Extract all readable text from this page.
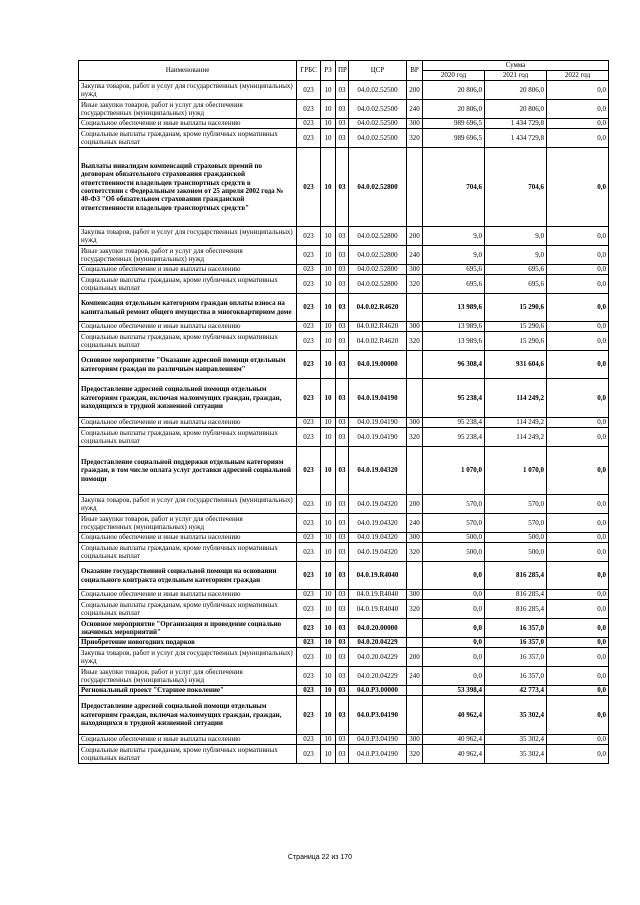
Наименование	ГРБС	РЗ	ПР	ЦСР	ВР	Сумма		
						2020 год	2021 год	2022 год
Закупка товаров, работ и услуг для государственных (муниципальных) нужд	023	10	03	04.0.02.52500	200	20 806,0	20 806,0	0,0
Иные закупки товаров, работ и услуг для обеспечения государственных (муниципальных) нужд	023	10	03	04.0.02.52500	240	20 806,0	20 806,0	0,0
Социальное обеспечение и иные выплаты населению	023	10	03	04.0.02.52500	300	989 696,5	1 434 729,8	0,0
Социальные выплаты гражданам, кроме публичных нормативных социальных выплат	023	10	03	04.0.02.52500	320	989 696,5	1 434 729,8	0,0
Выплаты инвалидам компенсаций страховых премий по договорам обязательного страхования гражданской ответственности владельцев транспортных средств в соответствии с Федеральным законом от 25 апреля 2002 года № 40-ФЗ "Об обязательном страховании гражданской ответственности владельцев транспортных средств"	023	10	03	04.0.02.52800		704,6	704,6	0,0
Закупка товаров, работ и услуг для государственных (муниципальных) нужд	023	10	03	04.0.02.52800	200	9,0	9,0	0,0
Иные закупки товаров, работ и услуг для обеспечения государственных (муниципальных) нужд	023	10	03	04.0.02.52800	240	9,0	9,0	0,0
Социальное обеспечение и иные выплаты населению	023	10	03	04.0.02.52800	300	695,6	695,6	0,0
Социальные выплаты гражданам, кроме публичных нормативных социальных выплат	023	10	03	04.0.02.52800	320	695,6	695,6	0,0
Компенсация отдельным категориям граждан оплаты взноса на капитальный ремонт общего имущества в многоквартирном доме	023	10	03	04.0.02.R4620		13 989,6	15 290,6	0,0
Социальное обеспечение и иные выплаты населению	023	10	03	04.0.02.R4620	300	13 989,6	15 290,6	0,0
Социальные выплаты гражданам, кроме публичных нормативных социальных выплат	023	10	03	04.0.02.R4620	320	13 989,6	15 290,6	0,0
Основное мероприятие "Оказание адресной помощи отдельным категориям граждан по различным направлениям"	023	10	03	04.0.19.00000		96 308,4	931 604,6	0,0
Предоставление адресной социальной помощи отдельным категориям граждан, включая малоимущих граждан, граждан, находящихся в трудной жизненной ситуации	023	10	03	04.0.19.04190		95 238,4	114 249,2	0,0
Социальное обеспечение и иные выплаты населению	023	10	03	04.0.19.04190	300	95 238,4	114 249,2	0,0
Социальные выплаты гражданам, кроме публичных нормативных социальных выплат	023	10	03	04.0.19.04190	320	95 238,4	114 249,2	0,0
Предоставление социальной поддержки отдельным категориям граждан, в том числе оплата услуг доставки адресной социальной помощи	023	10	03	04.0.19.04320		1 070,0	1 070,0	0,0
Закупка товаров, работ и услуг для государственных (муниципальных) нужд	023	10	03	04.0.19.04320	200	570,0	570,0	0,0
Иные закупки товаров, работ и услуг для обеспечения государственных (муниципальных) нужд	023	10	03	04.0.19.04320	240	570,0	570,0	0,0
Социальное обеспечение и иные выплаты населению	023	10	03	04.0.19.04320	300	500,0	500,0	0,0
Социальные выплаты гражданам, кроме публичных нормативных социальных выплат	023	10	03	04.0.19.04320	320	500,0	500,0	0,0
Оказание государственной социальной помощи на основании социального контракта отдельным категориям граждан	023	10	03	04.0.19.R4040		0,0	816 285,4	0,0
Социальное обеспечение и иные выплаты населению	023	10	03	04.0.19.R4040	300	0,0	816 285,4	0,0
Социальные выплаты гражданам, кроме публичных нормативных социальных выплат	023	10	03	04.0.19.R4040	320	0,0	816 285,4	0,0
Основное мероприятие "Организация и проведение социально значимых мероприятий"	023	10	03	04.0.20.00000		0,0	16 357,0	0,0
Приобретение новогодних подарков	023	10	03	04.0.20.04229		0,0	16 357,0	0,0
Закупка товаров, работ и услуг для государственных (муниципальных) нужд	023	10	03	04.0.20.04229	200	0,0	16 357,0	0,0
Иные закупки товаров, работ и услуг для обеспечения государственных (муниципальных) нужд	023	10	03	04.0.20.04229	240	0,0	16 357,0	0,0
Региональный проект "Старшее поколение"	023	10	03	04.0.P3.00000		53 398,4	42 773,4	0,0
Предоставление адресной социальной помощи отдельным категориям граждан, включая малоимущих граждан, граждан, находящихся в трудной жизненной ситуации	023	10	03	04.0.P3.04190		40 962,4	35 302,4	0,0
Социальное обеспечение и иные выплаты населению	023	10	03	04.0.P3.04190	300	40 962,4	35 302,4	0,0
Социальные выплаты гражданам, кроме публичных нормативных социальных выплат	023	10	03	04.0.P3.04190	320	40 962,4	35 302,4	0,0
Страница 22 из 170
